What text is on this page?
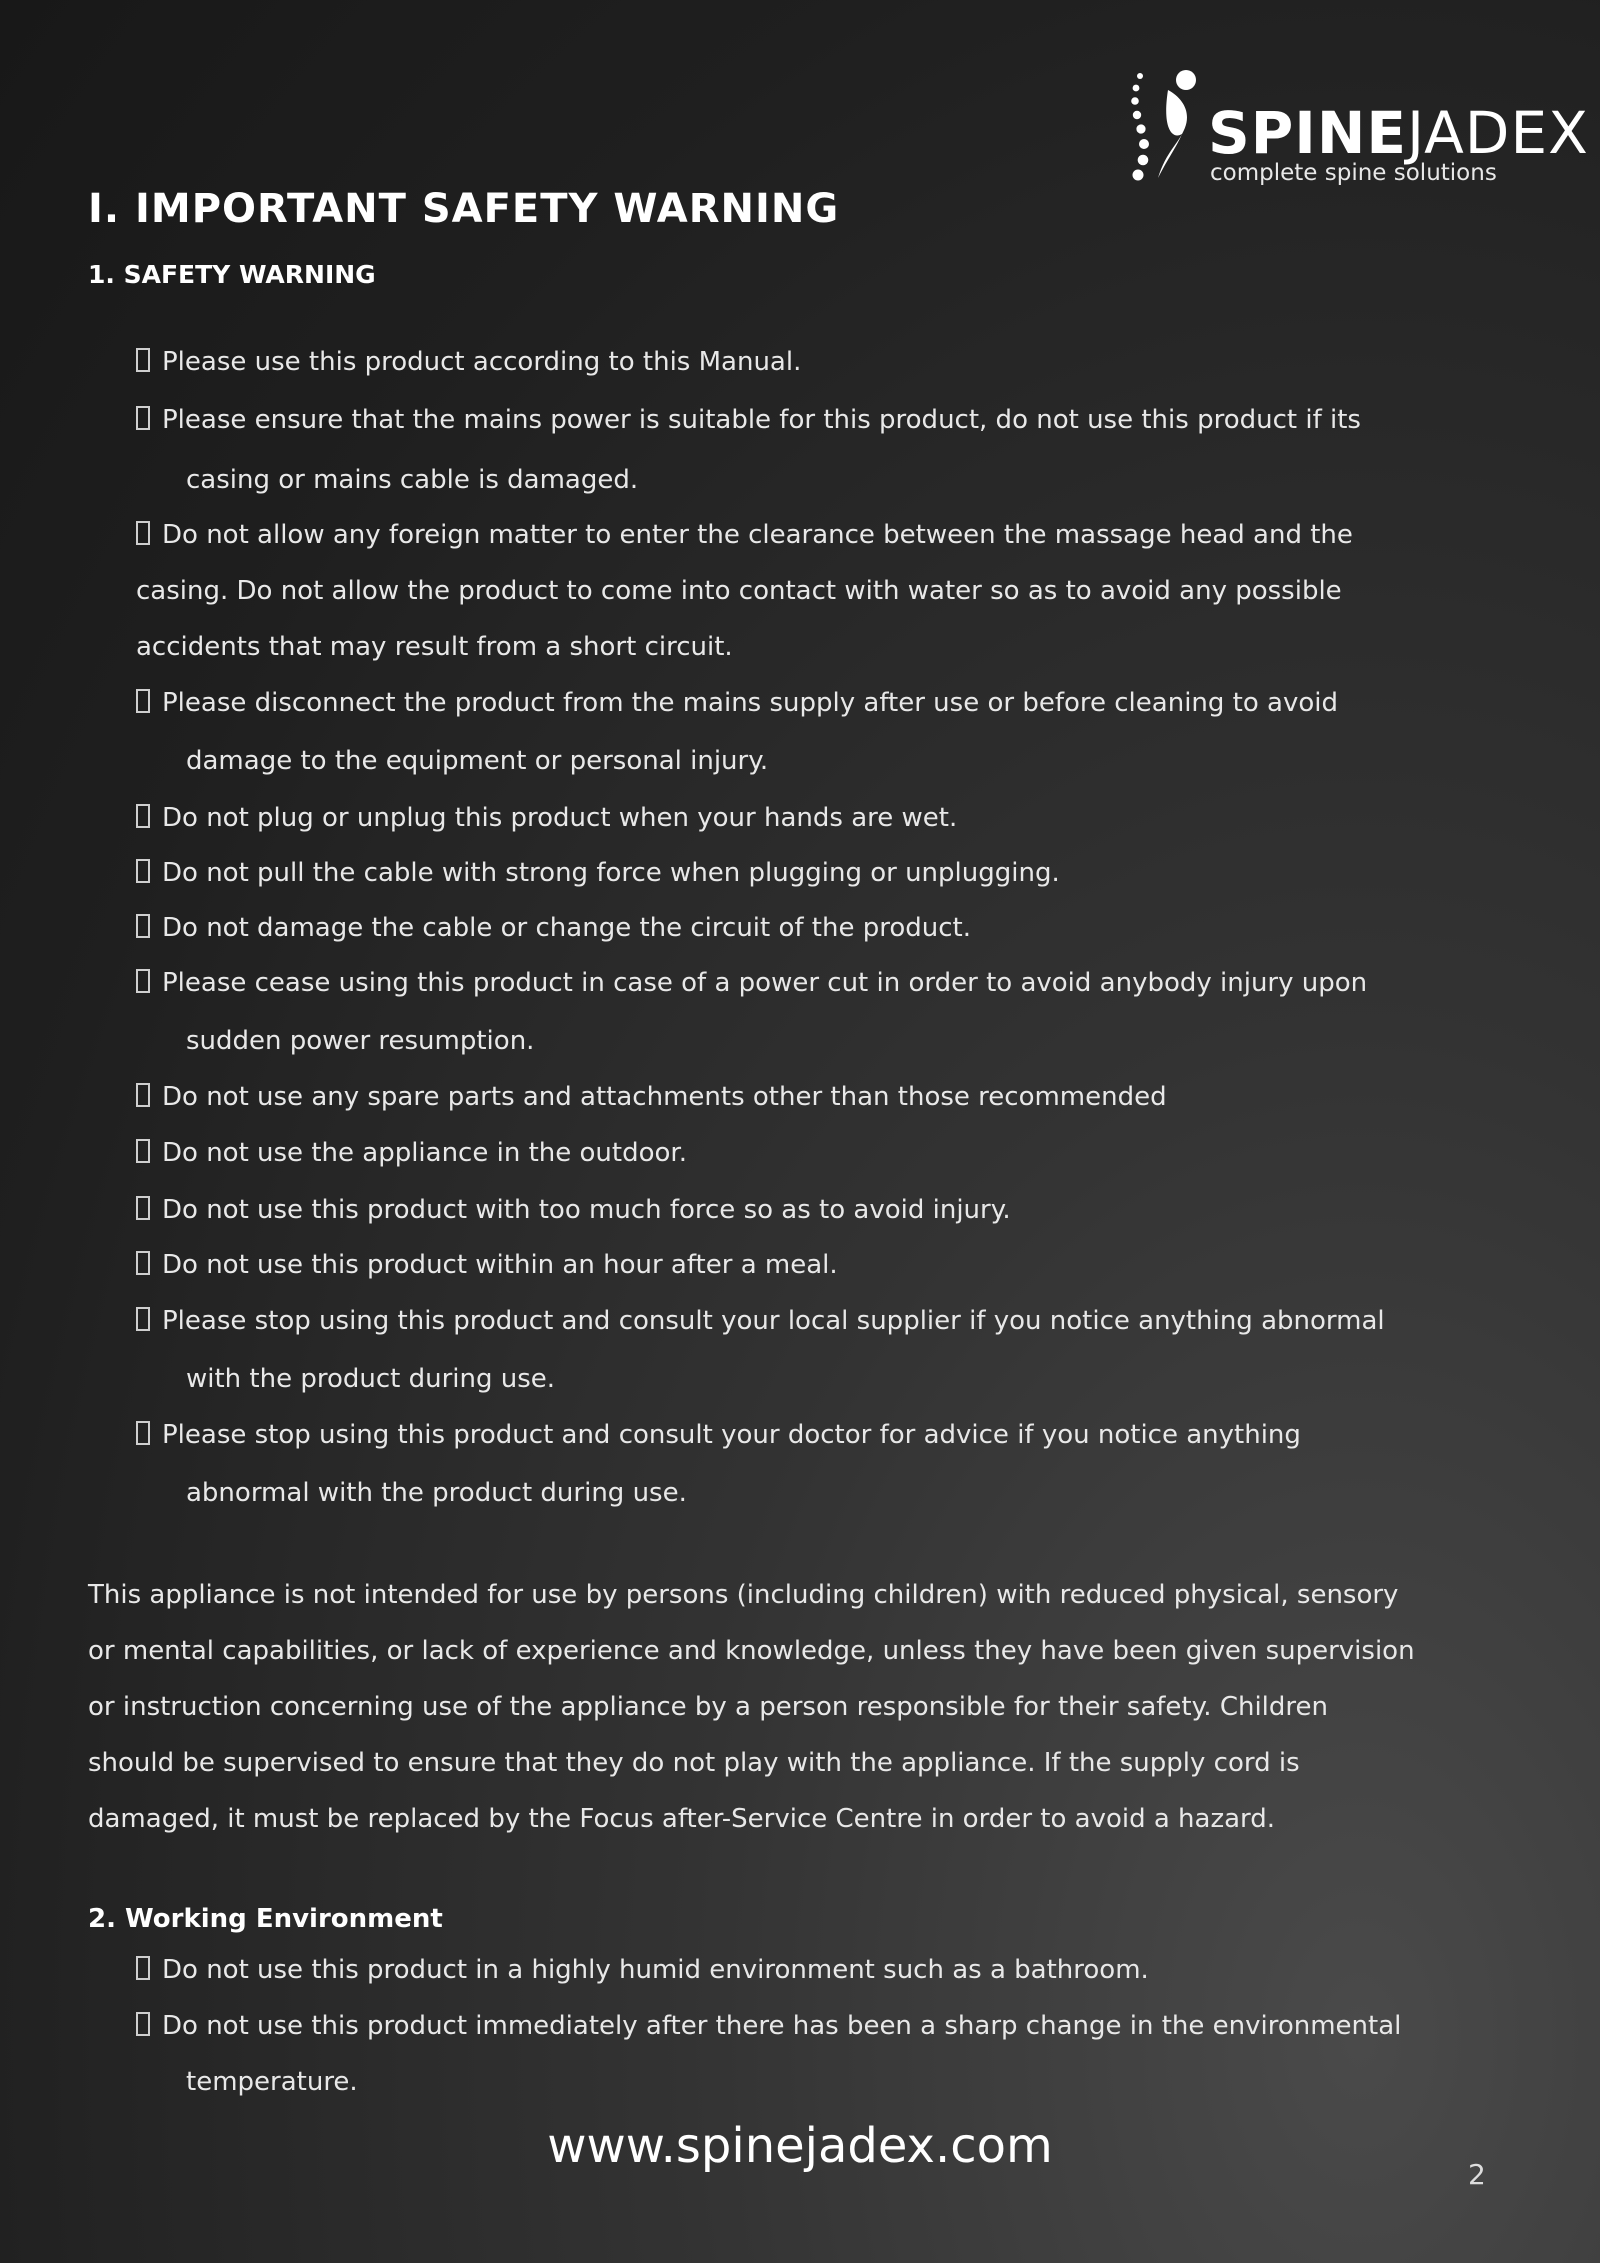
SPINEJADEX
complete spine solutions
I. IMPORTANT SAFETY WARNING
1. SAFETY WARNING

Please use this product according to this Manual.

Please ensure that the mains power is suitable for this product, do not use this product if its

casing or mains cable is damaged.

Do not allow any foreign matter to enter the clearance between the massage head and the

casing. Do not allow the product to come into contact with water so as to avoid any possible

accidents that may result from a short circuit.

Please disconnect the product from the mains supply after use or before cleaning to avoid

damage to the equipment or personal injury.

Do not plug or unplug this product when your hands are wet.

Do not pull the cable with strong force when plugging or unplugging.

Do not damage the cable or change the circuit of the product.

Please cease using this product in case of a power cut in order to avoid anybody injury upon

sudden power resumption.

Do not use any spare parts and attachments other than those recommended

Do not use the appliance in the outdoor.

Do not use this product with too much force so as to avoid injury.

Do not use this product within an hour after a meal.

Please stop using this product and consult your local supplier if you notice anything abnormal

with the product during use.

Please stop using this product and consult your doctor for advice if you notice anything

abnormal with the product during use.

This appliance is not intended for use by persons (including children) with reduced physical, sensory
or mental capabilities, or lack of experience and knowledge, unless they have been given supervision
or instruction concerning use of the appliance by a person responsible for their safety. Children
should be supervised to ensure that they do not play with the appliance. If the supply cord is
damaged, it must be replaced by the Focus after-Service Centre in order to avoid a hazard.
2. Working Environment

Do not use this product in a highly humid environment such as a bathroom.

Do not use this product immediately after there has been a sharp change in the environmental

temperature.

www.spinejadex.com
2
